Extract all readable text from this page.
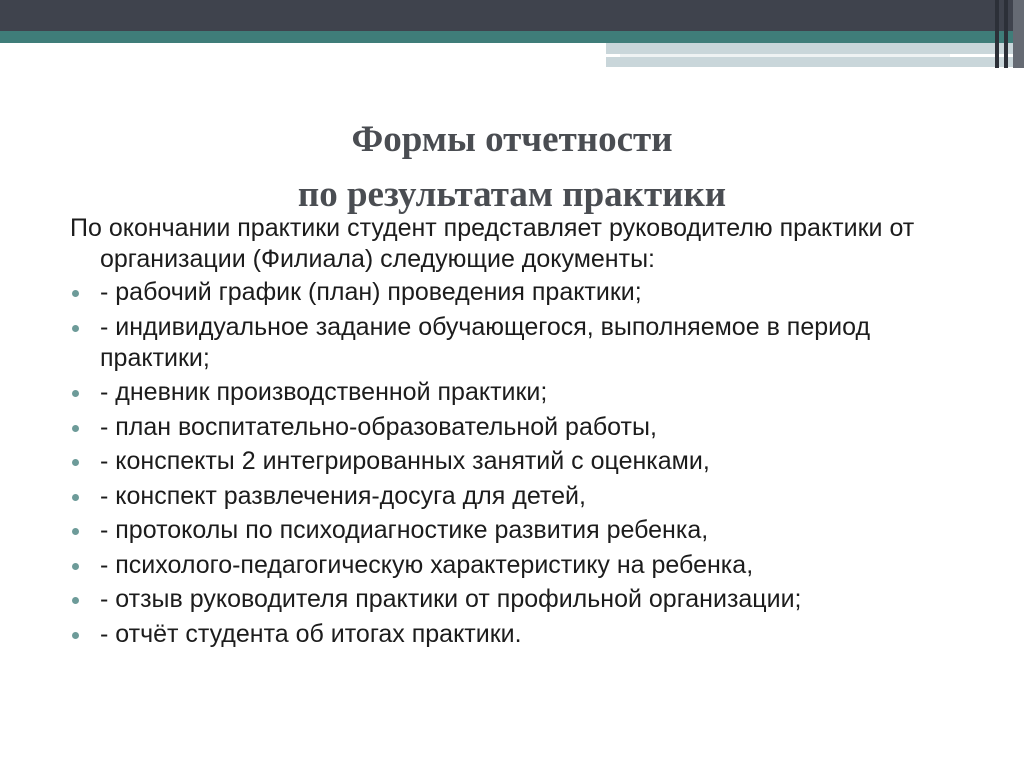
Формы отчетности
по результатам практики

По окончании практики студент представляет руководителю практики от организации (Филиала) следующие документы:

- рабочий график (план) проведения практики;
- индивидуальное задание обучающегося, выполняемое в период практики;
- дневник производственной практики;
- план воспитательно-образовательной работы,
- конспекты 2 интегрированных занятий с оценками,
- конспект развлечения-досуга для детей,
- протоколы по психодиагностике развития ребенка,
- психолого-педагогическую характеристику на ребенка,
- отзыв руководителя практики от профильной организации;
- отчёт студента об итогах практики.
